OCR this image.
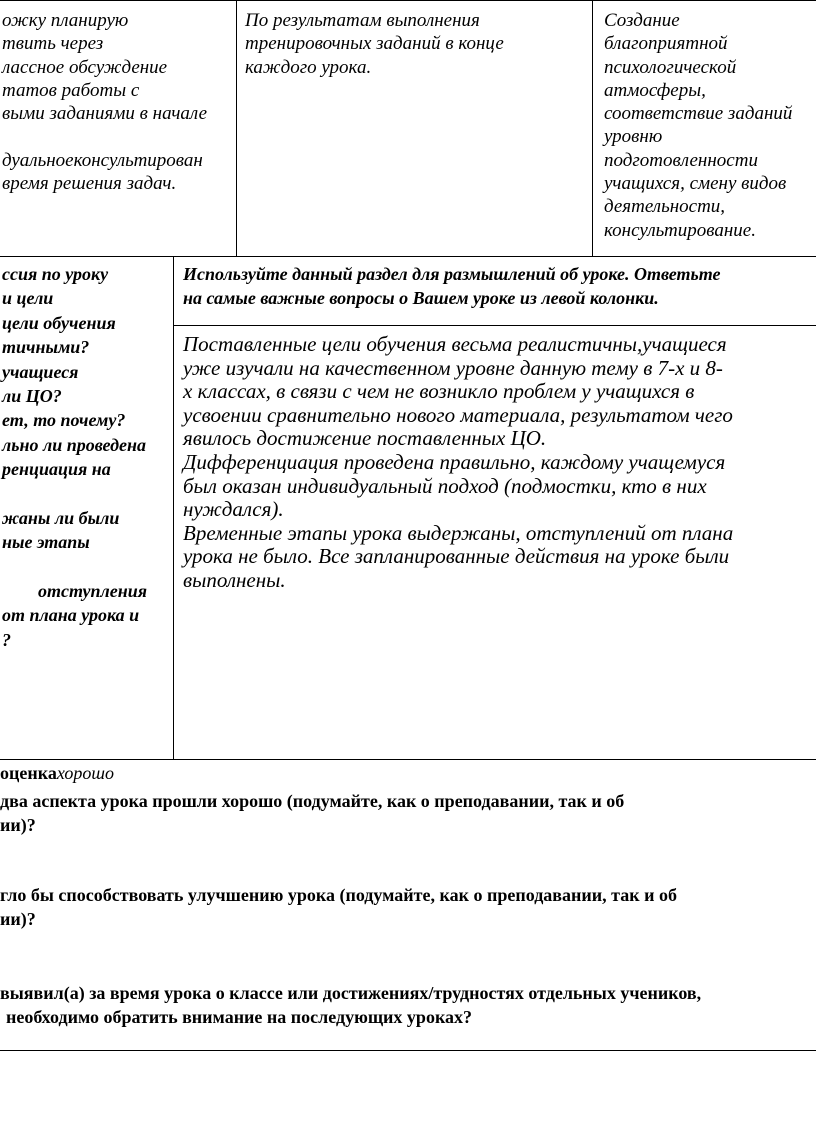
ожку планирую
твить через
лассное обсуждение
татов работы с
выми заданиями в начале
дуальноеконсультирован
время решения задач.
По результатам выполнения
тренировочных заданий в конце
каждого урока.
Создание
благоприятной
психологической
атмосферы,
соответствие заданий
уровню
подготовленности
учащихся, смену видов
деятельности,
консультирование.
ссия по уроку
и цели
цели обучения
тичными?
учащиеся
ли ЦО?
ет, то почему?
льно ли проведена
ренциация на
жаны ли были
ные этапы
отступления
от плана урока и
?
Используйте данный раздел для размышлений об уроке. Ответьте
на самые важные вопросы о Вашем уроке из левой колонки.
Поставленные цели обучения весьма реалистичны,учащиеся
уже изучали на качественном уровне данную тему в 7-х и 8-
х классах, в связи с чем не возникло проблем у учащихся в
усвоении сравнительно нового материала, результатом чего
явилось достижение поставленных ЦО.
Дифференциация проведена правильно, каждому учащемуся
был оказан индивидуальный подход (подмостки, кто в них
нуждался).
Временные этапы урока выдержаны, отступлений от плана
урока не было. Все запланированные действия на уроке были
выполнены.
оценкахорошо
два аспекта урока прошли хорошо (подумайте, как о преподавании, так и об
ии)?
гло бы способствовать улучшению урока (подумайте, как о преподавании, так и об
ии)?
выявил(а) за время урока о классе или достижениях/трудностях отдельных учеников,
необходимо обратить внимание на последующих уроках?
